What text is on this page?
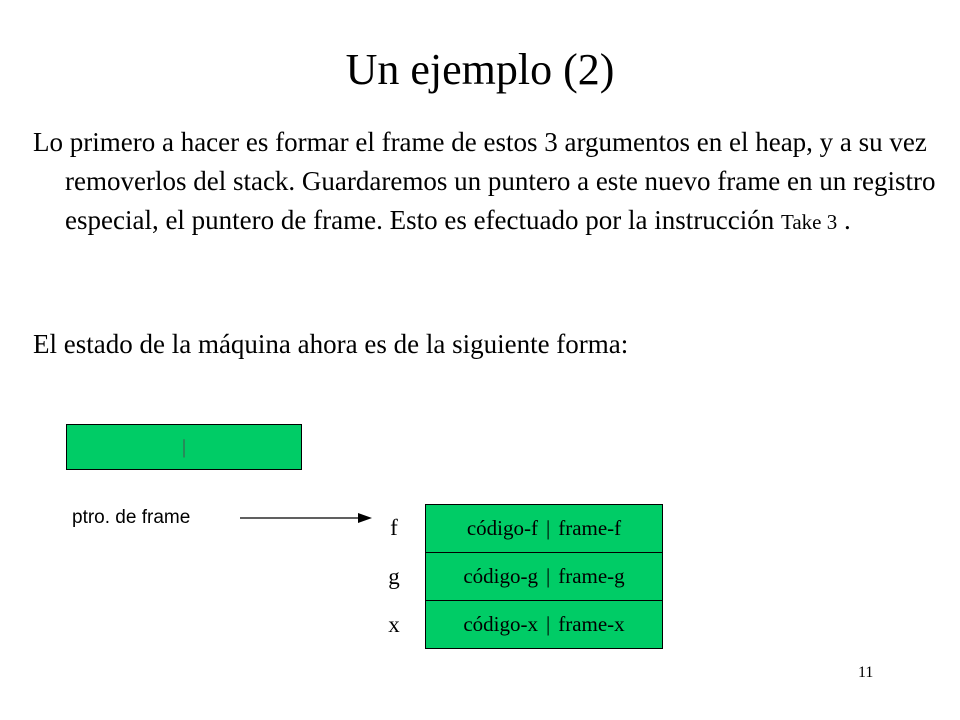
Un ejemplo (2)
Lo primero a hacer es formar el frame de estos 3 argumentos en el heap, y a su vez removerlos del stack. Guardaremos un puntero a este nuevo frame en un registro especial, el puntero de frame. Esto es efectuado por la instrucción Take 3 .
El estado de la máquina ahora es de la siguiente forma:
|
ptro. de frame	f
g
x
código-f | frame-f
código-g | frame-g
código-x | frame-x
11
